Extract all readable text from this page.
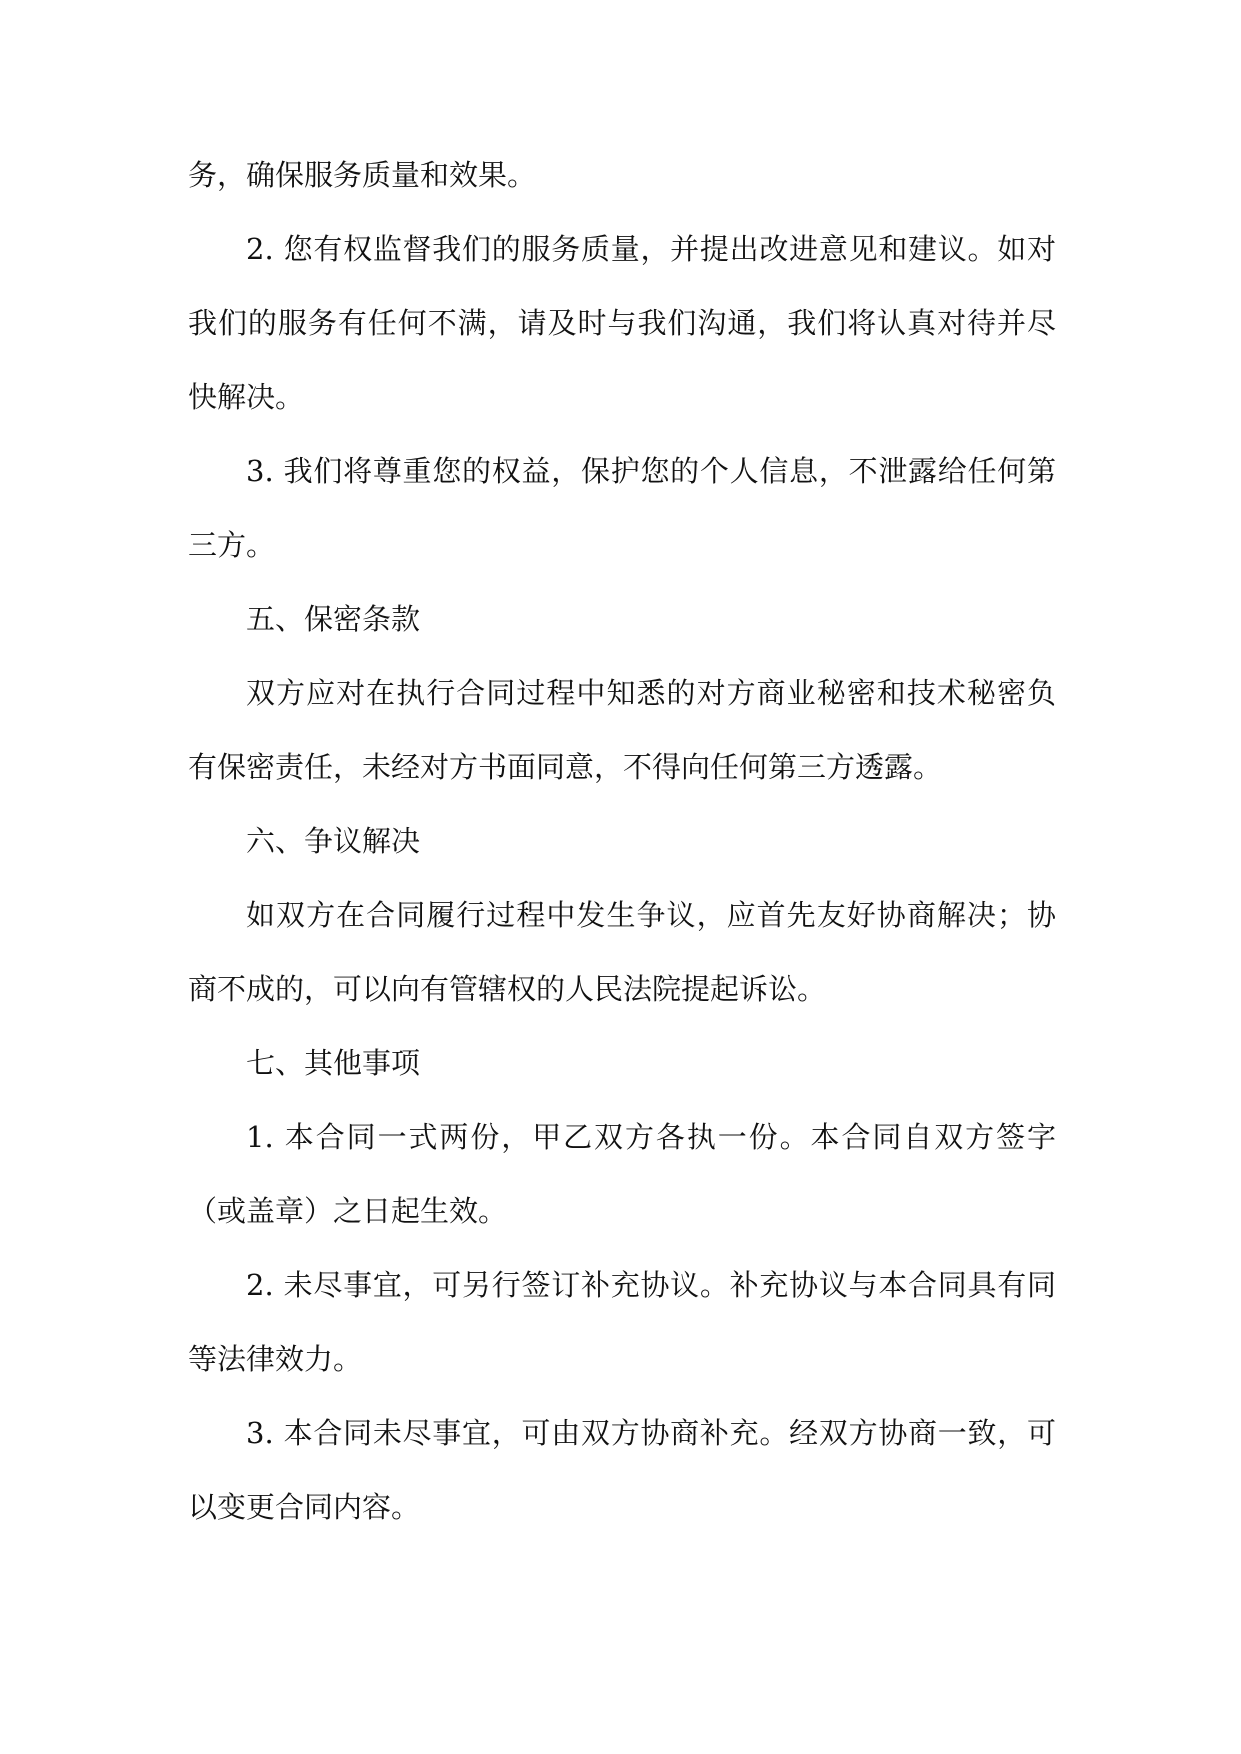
务，确保服务质量和效果。

2. 您有权监督我们的服务质量，并提出改进意见和建议。如对我们的服务有任何不满，请及时与我们沟通，我们将认真对待并尽快解决。

3. 我们将尊重您的权益，保护您的个人信息，不泄露给任何第三方。

五、保密条款

双方应对在执行合同过程中知悉的对方商业秘密和技术秘密负有保密责任，未经对方书面同意，不得向任何第三方透露。

六、争议解决

如双方在合同履行过程中发生争议，应首先友好协商解决；协商不成的，可以向有管辖权的人民法院提起诉讼。

七、其他事项

1. 本合同一式两份，甲乙双方各执一份。本合同自双方签字（或盖章）之日起生效。

2. 未尽事宜，可另行签订补充协议。补充协议与本合同具有同等法律效力。

3. 本合同未尽事宜，可由双方协商补充。经双方协商一致，可以变更合同内容。
